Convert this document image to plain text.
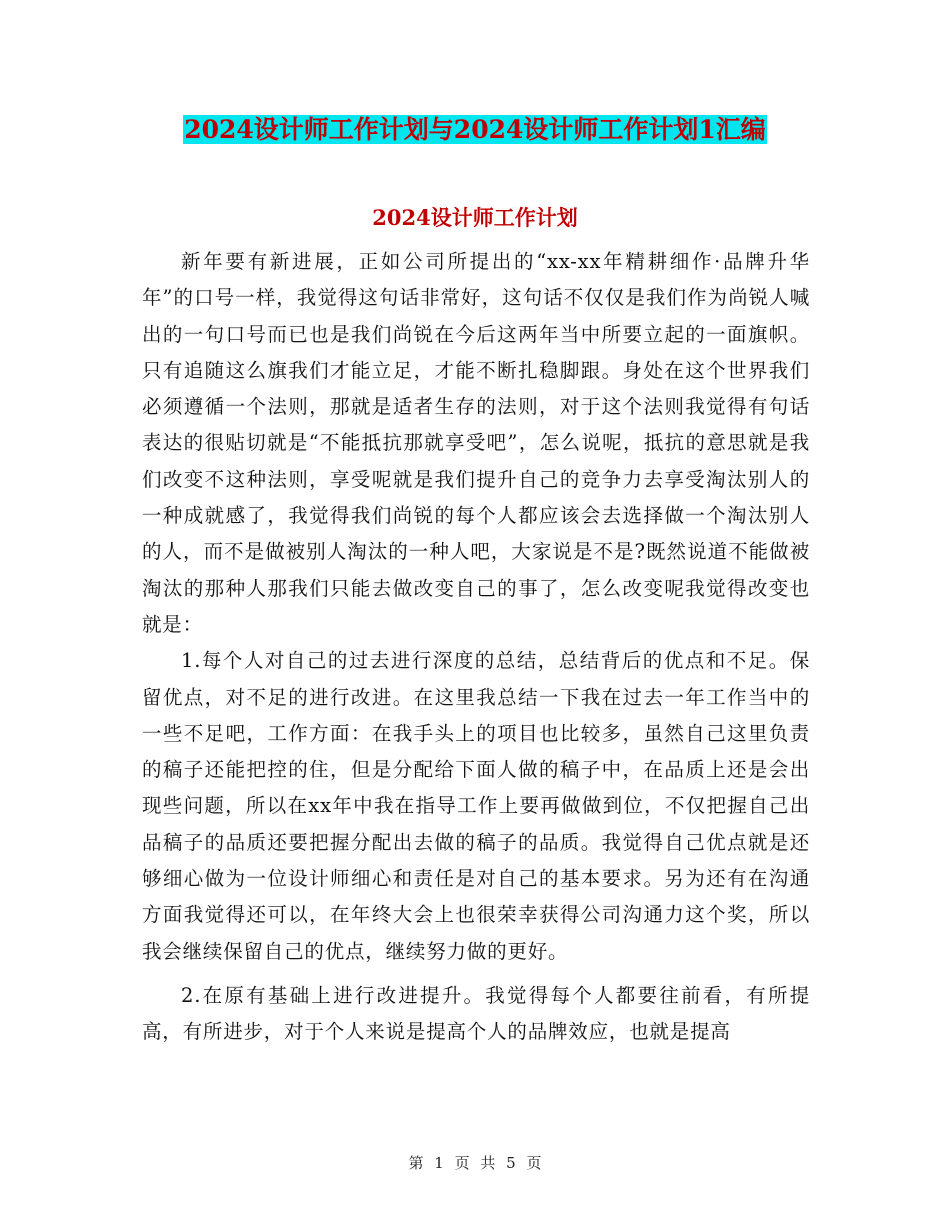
2024设计师工作计划与2024设计师工作计划1汇编
2024设计师工作计划

新年要有新进展，正如公司所提出的“xx-xx年精耕细作·品牌升华年”的口号一样，我觉得这句话非常好，这句话不仅仅是我们作为尚锐人喊出的一句口号而已也是我们尚锐在今后这两年当中所要立起的一面旗帜。只有追随这么旗我们才能立足，才能不断扎稳脚跟。身处在这个世界我们必须遵循一个法则，那就是适者生存的法则，对于这个法则我觉得有句话表达的很贴切就是“不能抵抗那就享受吧”，怎么说呢，抵抗的意思就是我们改变不这种法则，享受呢就是我们提升自己的竞争力去享受淘汰别人的一种成就感了，我觉得我们尚锐的每个人都应该会去选择做一个淘汰别人的人，而不是做被别人淘汰的一种人吧，大家说是不是?既然说道不能做被淘汰的那种人那我们只能去做改变自己的事了，怎么改变呢我觉得改变也就是：

1.每个人对自己的过去进行深度的总结，总结背后的优点和不足。保留优点，对不足的进行改进。在这里我总结一下我在过去一年工作当中的一些不足吧，工作方面：在我手头上的项目也比较多，虽然自己这里负责的稿子还能把控的住，但是分配给下面人做的稿子中，在品质上还是会出现些问题，所以在xx年中我在指导工作上要再做做到位，不仅把握自己出品稿子的品质还要把握分配出去做的稿子的品质。我觉得自己优点就是还够细心做为一位设计师细心和责任是对自己的基本要求。另为还有在沟通方面我觉得还可以，在年终大会上也很荣幸获得公司沟通力这个奖，所以我会继续保留自己的优点，继续努力做的更好。

2.在原有基础上进行改进提升。我觉得每个人都要往前看，有所提高，有所进步，对于个人来说是提高个人的品牌效应，也就是提高

第 1 页 共 5 页
